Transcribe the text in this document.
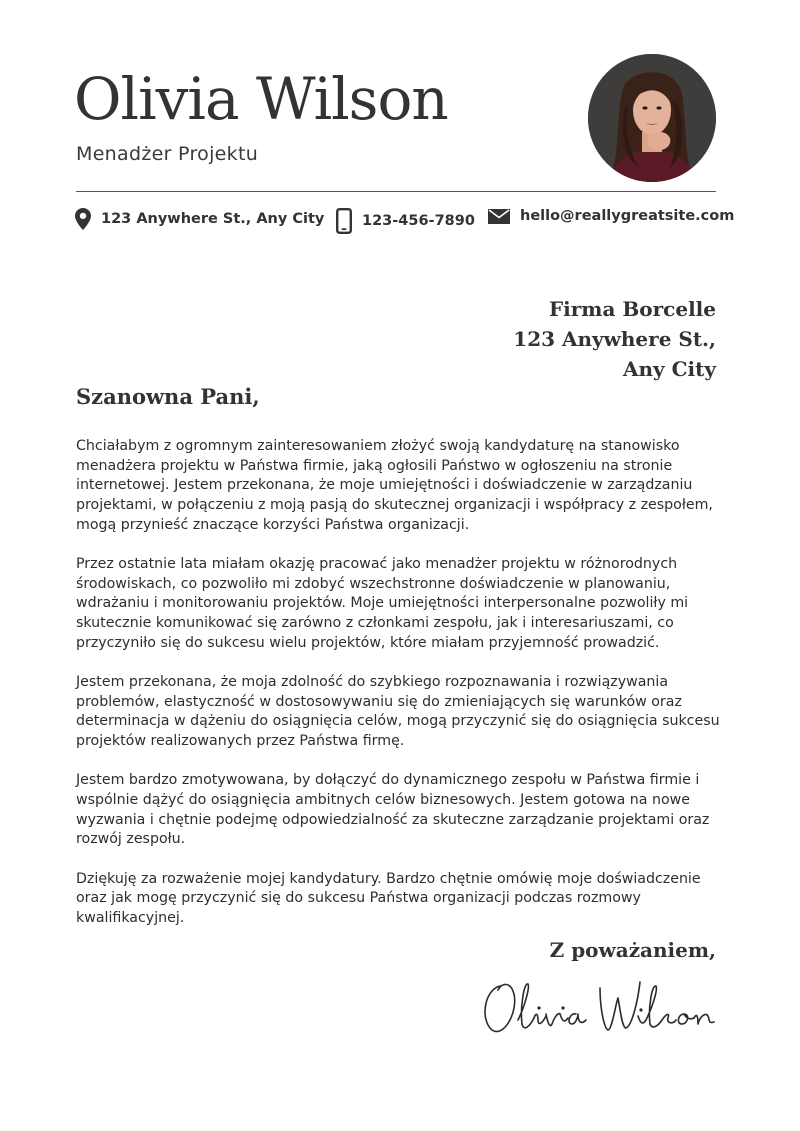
Olivia Wilson
Menadżer Projektu
123 Anywhere St., Any City	123-456-7890	hello@reallygreatsite.com
Firma Borcelle
123 Anywhere St.,
Any City
Szanowna Pani,

Chciałabym z ogromnym zainteresowaniem złożyć swoją kandydaturę na stanowisko menadżera projektu w Państwa firmie, jaką ogłosili Państwo w ogłoszeniu na stronie internetowej. Jestem przekonana, że moje umiejętności i doświadczenie w zarządzaniu projektami, w połączeniu z moją pasją do skutecznej organizacji i współpracy z zespołem, mogą przynieść znaczące korzyści Państwa organizacji.

Przez ostatnie lata miałam okazję pracować jako menadżer projektu w różnorodnych środowiskach, co pozwoliło mi zdobyć wszechstronne doświadczenie w planowaniu, wdrażaniu i monitorowaniu projektów. Moje umiejętności interpersonalne pozwoliły mi skutecznie komunikować się zarówno z członkami zespołu, jak i interesariuszami, co przyczyniło się do sukcesu wielu projektów, które miałam przyjemność prowadzić.

Jestem przekonana, że moja zdolność do szybkiego rozpoznawania i rozwiązywania problemów, elastyczność w dostosowywaniu się do zmieniających się warunków oraz determinacja w dążeniu do osiągnięcia celów, mogą przyczynić się do osiągnięcia sukcesu projektów realizowanych przez Państwa firmę.

Jestem bardzo zmotywowana, by dołączyć do dynamicznego zespołu w Państwa firmie i wspólnie dążyć do osiągnięcia ambitnych celów biznesowych. Jestem gotowa na nowe wyzwania i chętnie podejmę odpowiedzialność za skuteczne zarządzanie projektami oraz rozwój zespołu.

Dziękuję za rozważenie mojej kandydatury. Bardzo chętnie omówię moje doświadczenie oraz jak mogę przyczynić się do sukcesu Państwa organizacji podczas rozmowy kwalifikacyjnej.

Z poważaniem,
